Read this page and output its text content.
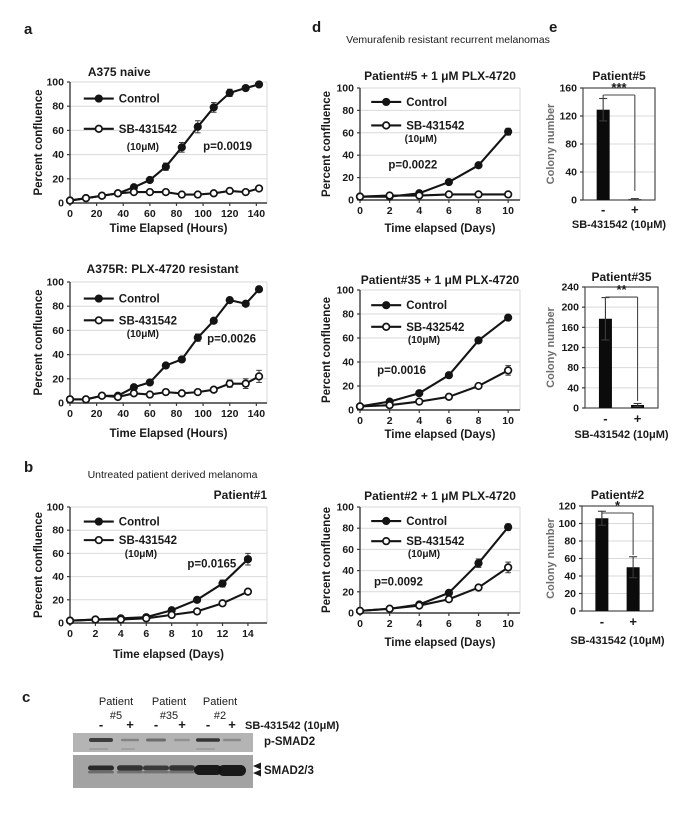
a
b
c
d	e
Vemurafenib resistant recurrent melanomas
0 20 40 60 80 100 120 140
0
20
40
60
80
100
Control
SB-431542
(10μM)	p=0.0019
A375 naive
Time Elapsed (Hours)
Percent confluence
0 20 40 60 80 100 120 140
0
20
40
60
80
100
Control
SB-431542
(10μM)	p=0.0026
A375R: PLX-4720 resistant
Time Elapsed (Hours)
Percent confluence
0 2 4 6 8 10 12 14
0
20
40
60
80
100
Control
SB-431542
(10μM)
p=0.0165
Untreated patient derived melanoma
Patient#1
Time elapsed (Days)
Percent confluence
0 2 4 6 8 10
0
20
40
60
80
100
Control
SB-431542
(10μM)
p=0.0022
Patient#5 + 1 μM PLX-4720
Time elapsed (Days)
Percent confluence
0 2 4 6 8 10
0
20
40
60
80
100
Control
SB-432542
(10μM)
p=0.0016
Patient#35 + 1 μM PLX-4720
Time elapsed (Days)
Percent confluence
0 2 4 6 8 10
0
20
40
60
80
100
Control
SB-431542
(10μM)
p=0.0092
Patient#2 + 1 μM PLX-4720
Time elapsed (Days)
Percent confluence
0
40
80
120
160
- +
***
Patient#5
SB-431542 (10μM)
Colony number
0
40
80
120
160
200
240
- +
**
Patient#35
SB-431542 (10μM)
Colony number
0
20
40
60
80
100
120
- +
*
Patient#2
SB-431542 (10μM)
Colony number
Patient
#5
Patient
#35
Patient
#2
- + - + - + SB-431542 (10μM)
p-SMAD2
SMAD2/3
